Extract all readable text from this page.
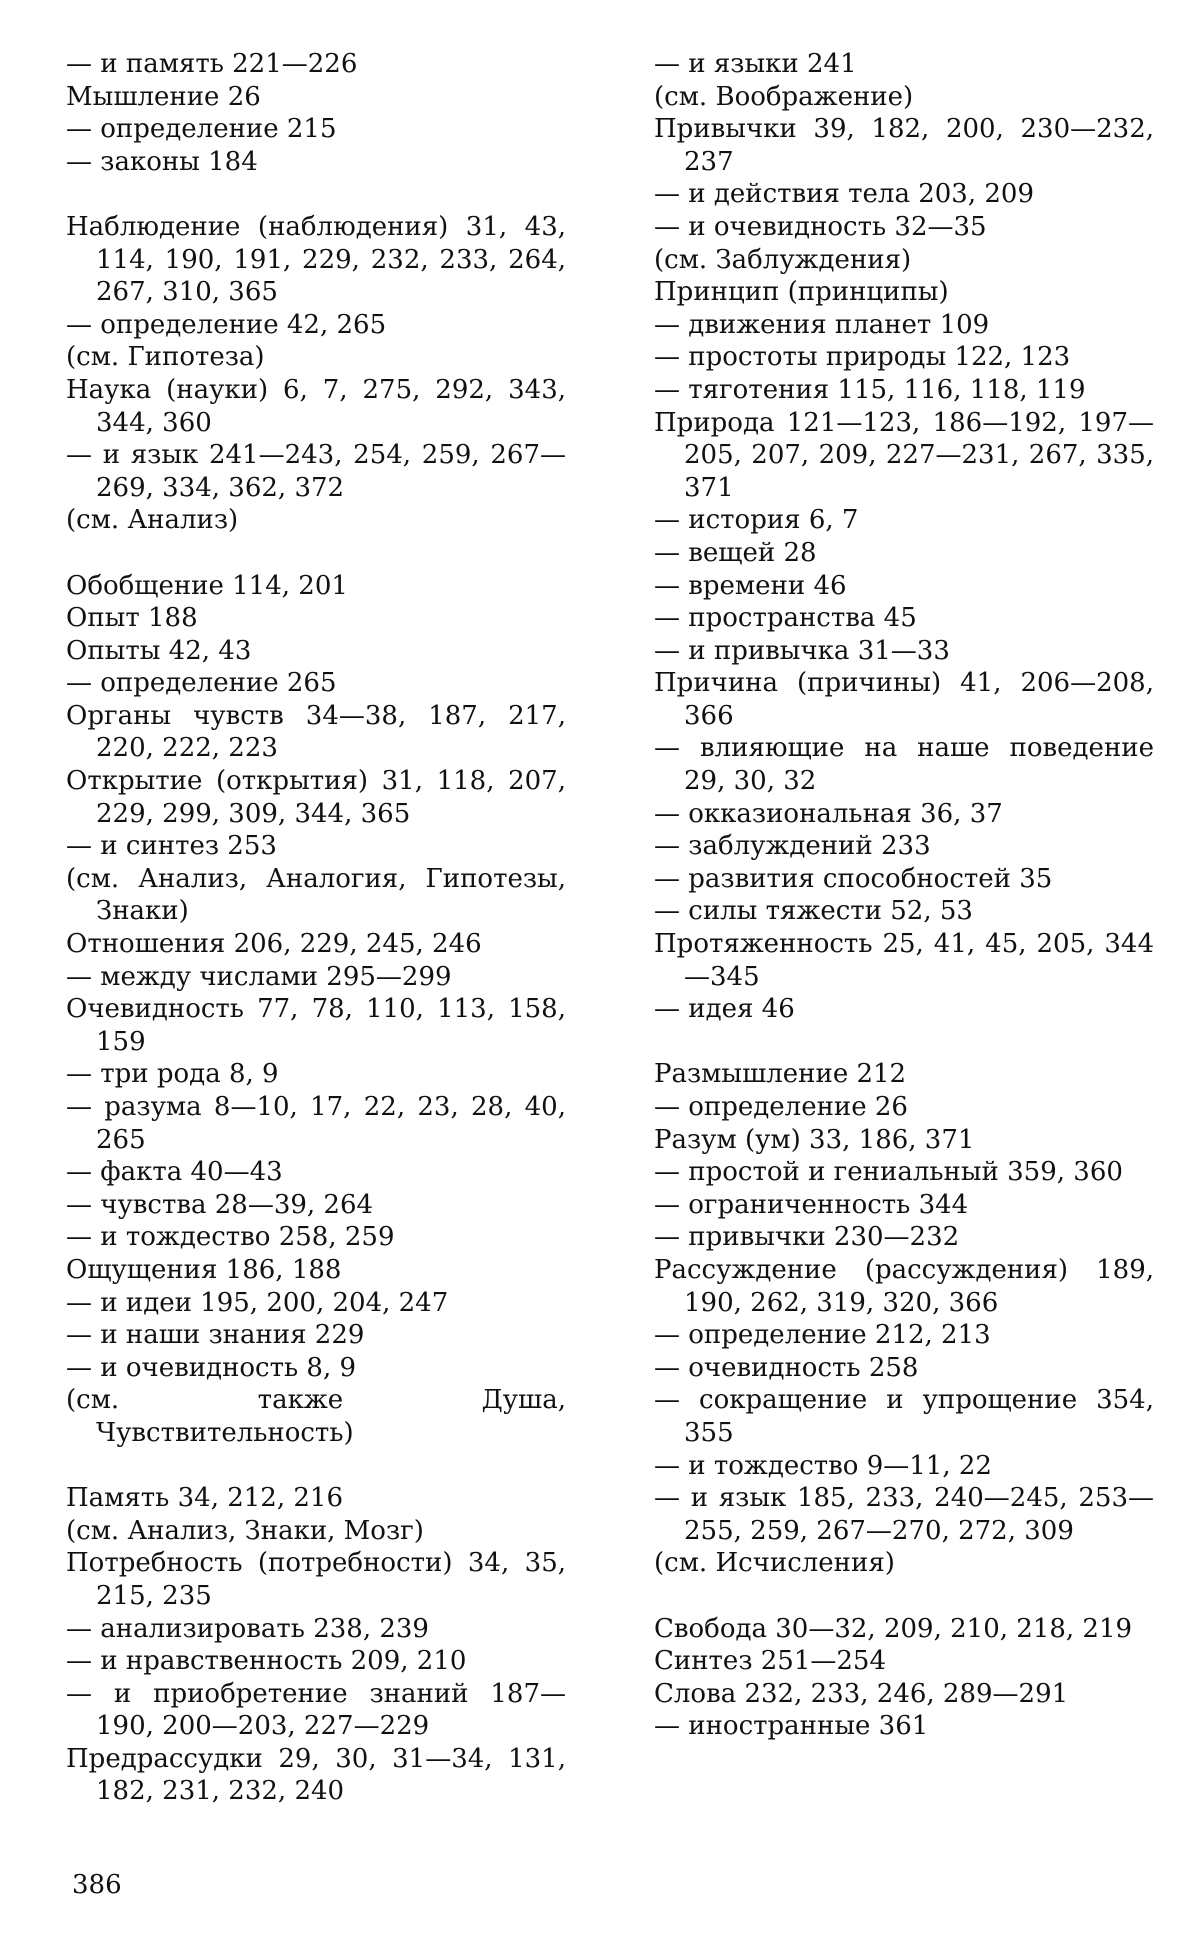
— и память 221—226
Мышление 26
— определение 215
— законы 184
Наблюдение (наблюдения) 31, 43, 114, 190, 191, 229, 232, 233, 264, 267, 310, 365
— определение 42, 265
(см. Гипотеза)
Наука (науки) 6, 7, 275, 292, 343, 344, 360
— и язык 241—243, 254, 259, 267—269, 334, 362, 372
(см. Анализ)
Обобщение 114, 201
Опыт 188
Опыты 42, 43
— определение 265
Органы чувств 34—38, 187, 217, 220, 222, 223
Открытие (открытия) 31, 118, 207, 229, 299, 309, 344, 365
— и синтез 253
(см. Анализ, Аналогия, Гипотезы, Знаки)
Отношения 206, 229, 245, 246
— между числами 295—299
Очевидность 77, 78, 110, 113, 158, 159
— три рода 8, 9
— разума 8—10, 17, 22, 23, 28, 40, 265
— факта 40—43
— чувства 28—39, 264
— и тождество 258, 259
Ощущения 186, 188
— и идеи 195, 200, 204, 247
— и наши знания 229
— и очевидность 8, 9
(см. также Душа, Чувствительность)
Память 34, 212, 216
(см. Анализ, Знаки, Мозг)
Потребность (потребности) 34, 35, 215, 235
— анализировать 238, 239
— и нравственность 209, 210
— и приобретение знаний 187—190, 200—203, 227—229
Предрассудки 29, 30, 31—34, 131, 182, 231, 232, 240
— и языки 241
(см. Воображение)
Привычки 39, 182, 200, 230—232, 237
— и действия тела 203, 209
— и очевидность 32—35
(см. Заблуждения)
Принцип (принципы)
— движения планет 109
— простоты природы 122, 123
— тяготения 115, 116, 118, 119
Природа 121—123, 186—192, 197—205, 207, 209, 227—231, 267, 335, 371
— история 6, 7
— вещей 28
— времени 46
— пространства 45
— и привычка 31—33
Причина (причины) 41, 206—208, 366
— влияющие на наше поведение 29, 30, 32
— окказиональная 36, 37
— заблуждений 233
— развития способностей 35
— силы тяжести 52, 53
Протяженность 25, 41, 45, 205, 344—345
— идея 46
Размышление 212
— определение 26
Разум (ум) 33, 186, 371
— простой и гениальный 359, 360
— ограниченность 344
— привычки 230—232
Рассуждение (рассуждения) 189, 190, 262, 319, 320, 366
— определение 212, 213
— очевидность 258
— сокращение и упрощение 354, 355
— и тождество 9—11, 22
— и язык 185, 233, 240—245, 253—255, 259, 267—270, 272, 309
(см. Исчисления)
Свобода 30—32, 209, 210, 218, 219
Синтез 251—254
Слова 232, 233, 246, 289—291
— иностранные 361
386
